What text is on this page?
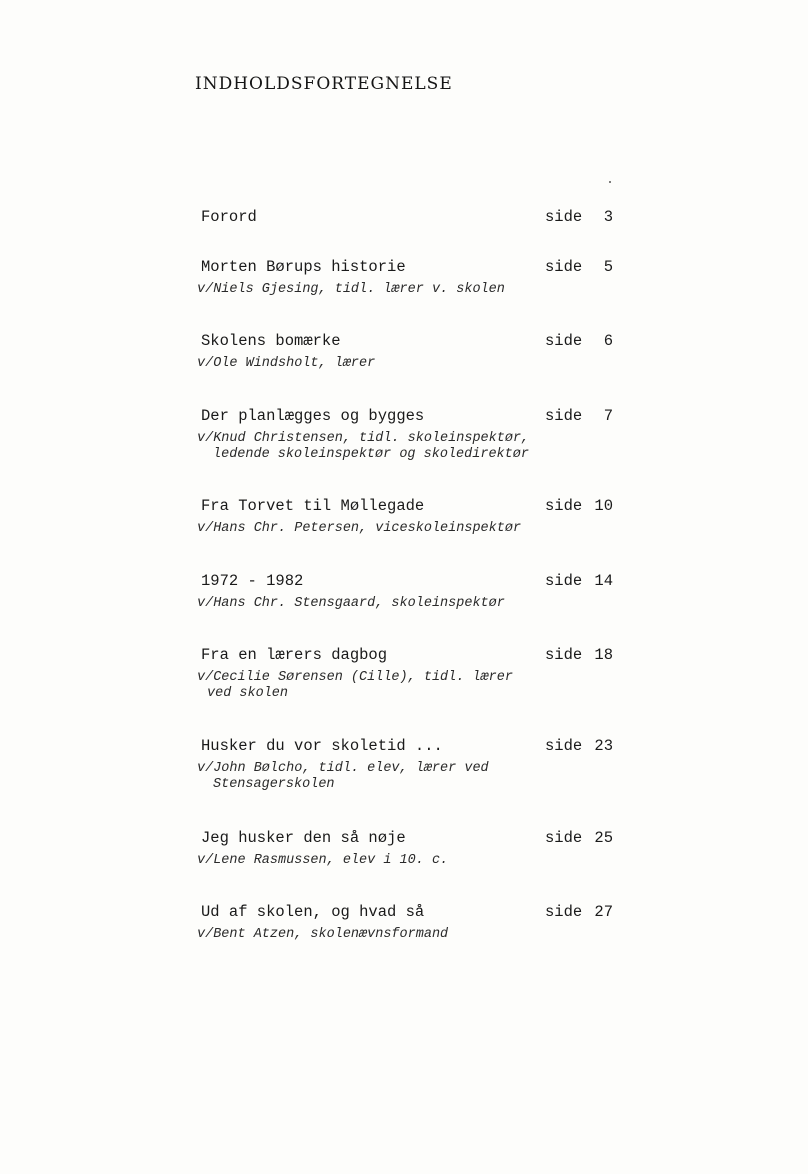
INDHOLDSFORTEGNELSE
Forord	side 3
Morten Børups historie	side 5
v/Niels Gjesing, tidl. lærer v. skolen
Skolens bomærke	side 6
v/Ole Windsholt, lærer
Der planlægges og bygges	side 7
v/Knud Christensen, tidl. skoleinspektør,
ledende skoleinspektør og skoledirektør
Fra Torvet til Møllegade	side 10
v/Hans Chr. Petersen, viceskoleinspektør
1972 - 1982	side 14
v/Hans Chr. Stensgaard, skoleinspektør
Fra en lærers dagbog	side 18
v/Cecilie Sørensen (Cille), tidl. lærer
ved skolen
Husker du vor skoletid ...	side 23
v/John Bølcho, tidl. elev, lærer ved
Stensagerskolen
Jeg husker den så nøje	side 25
v/Lene Rasmussen, elev i 10. c.
Ud af skolen, og hvad så	side 27
v/Bent Atzen, skolenævnsformand
